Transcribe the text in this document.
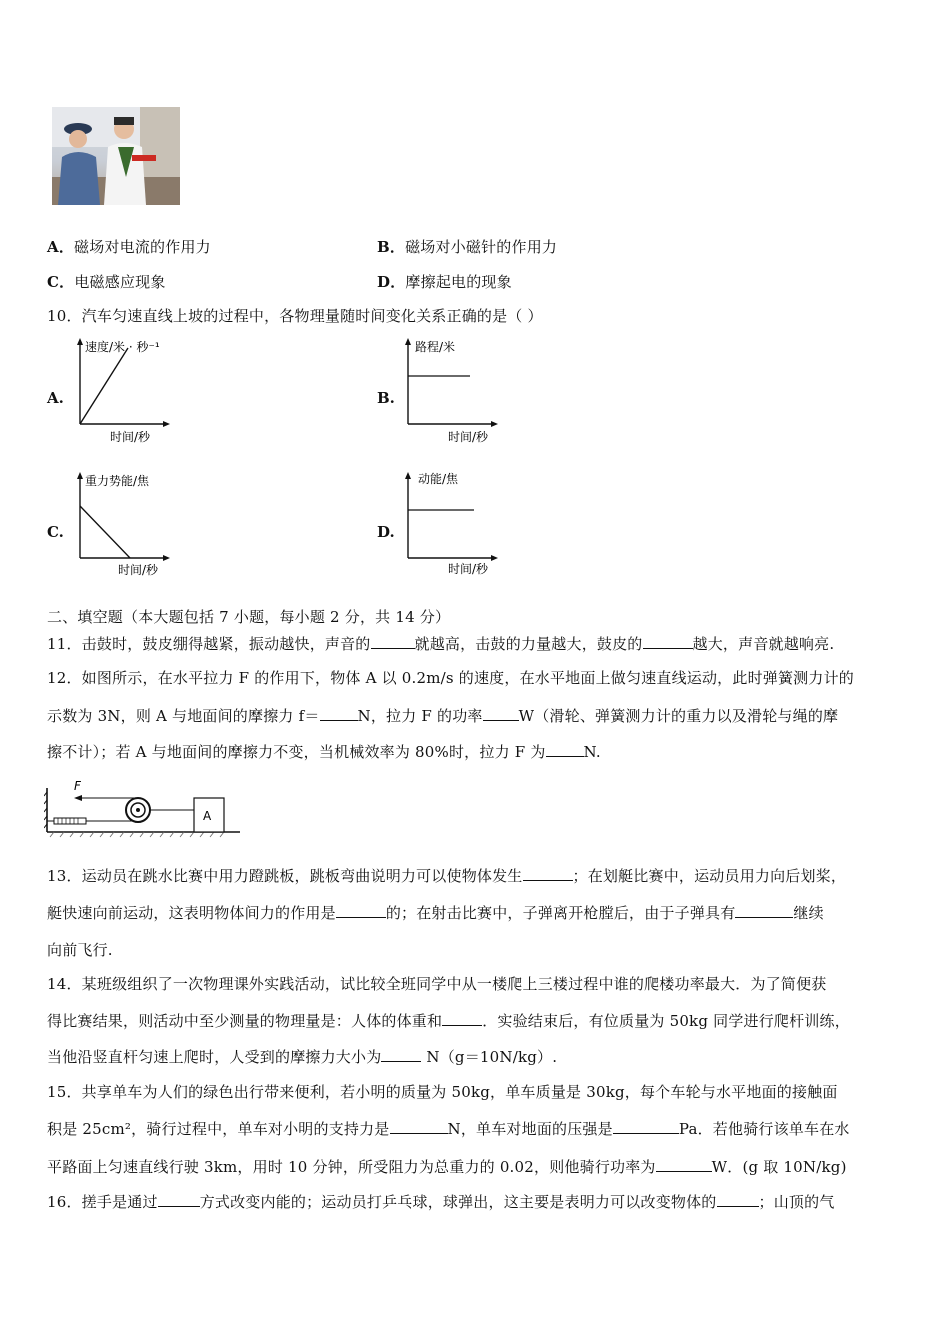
A．磁场对电流的作用力	B．磁场对小磁针的作用力
C．电磁感应现象	D．摩擦起电的现象
10．汽车匀速直线上坡的过程中，各物理量随时间变化关系正确的是（ ）
A.
速度/米 · 秒⁻¹
时间/秒
B.
路程/米
时间/秒
C.
重力势能/焦
时间/秒
D.
动能/焦
时间/秒
二、填空题（本大题包括 7 小题，每小题 2 分，共 14 分）
11．击鼓时，鼓皮绷得越紧，振动越快，声音的	就越高，击鼓的力量越大，鼓皮的	越大，声音就越响亮.
12．如图所示，在水平拉力 F 的作用下，物体 A 以 0.2m/s 的速度，在水平地面上做匀速直线运动，此时弹簧测力计的
示数为 3N，则 A 与地面间的摩擦力 f＝	N，拉力 F 的功率 W（滑轮、弹簧测力计的重力以及滑轮与绳的摩
擦不计）；若 A 与地面间的摩擦力不变，当机械效率为 80%时，拉力 F 为	N.
F
A
13．运动员在跳水比赛中用力蹬跳板，跳板弯曲说明力可以使物体发生	；在划艇比赛中，运动员用力向后划桨，
艇快速向前运动，这表明物体间力的作用是	的；在射击比赛中，子弹离开枪膛后，由于子弹具有	继续
向前飞行.
14．某班级组织了一次物理课外实践活动，试比较全班同学中从一楼爬上三楼过程中谁的爬楼功率最大．为了简便获
得比赛结果，则活动中至少测量的物理量是：人体的体重和	．实验结束后，有位质量为 50kg 同学进行爬杆训练，
当他沿竖直杆匀速上爬时，人受到的摩擦力大小为	N（g＝10N/kg）.
15．共享单车为人们的绿色出行带来便利，若小明的质量为 50kg，单车质量是 30kg，每个车轮与水平地面的接触面
积是 25cm²，骑行过程中，单车对小明的支持力是	N，单车对地面的压强是	Pa．若他骑行该单车在水
平路面上匀速直线行驶 3km，用时 10 分钟，所受阻力为总重力的 0.02，则他骑行功率为	W．(g 取 10N/kg)
16．搓手是通过	方式改变内能的；运动员打乒乓球，球弹出，这主要是表明力可以改变物体的	；山顶的气
